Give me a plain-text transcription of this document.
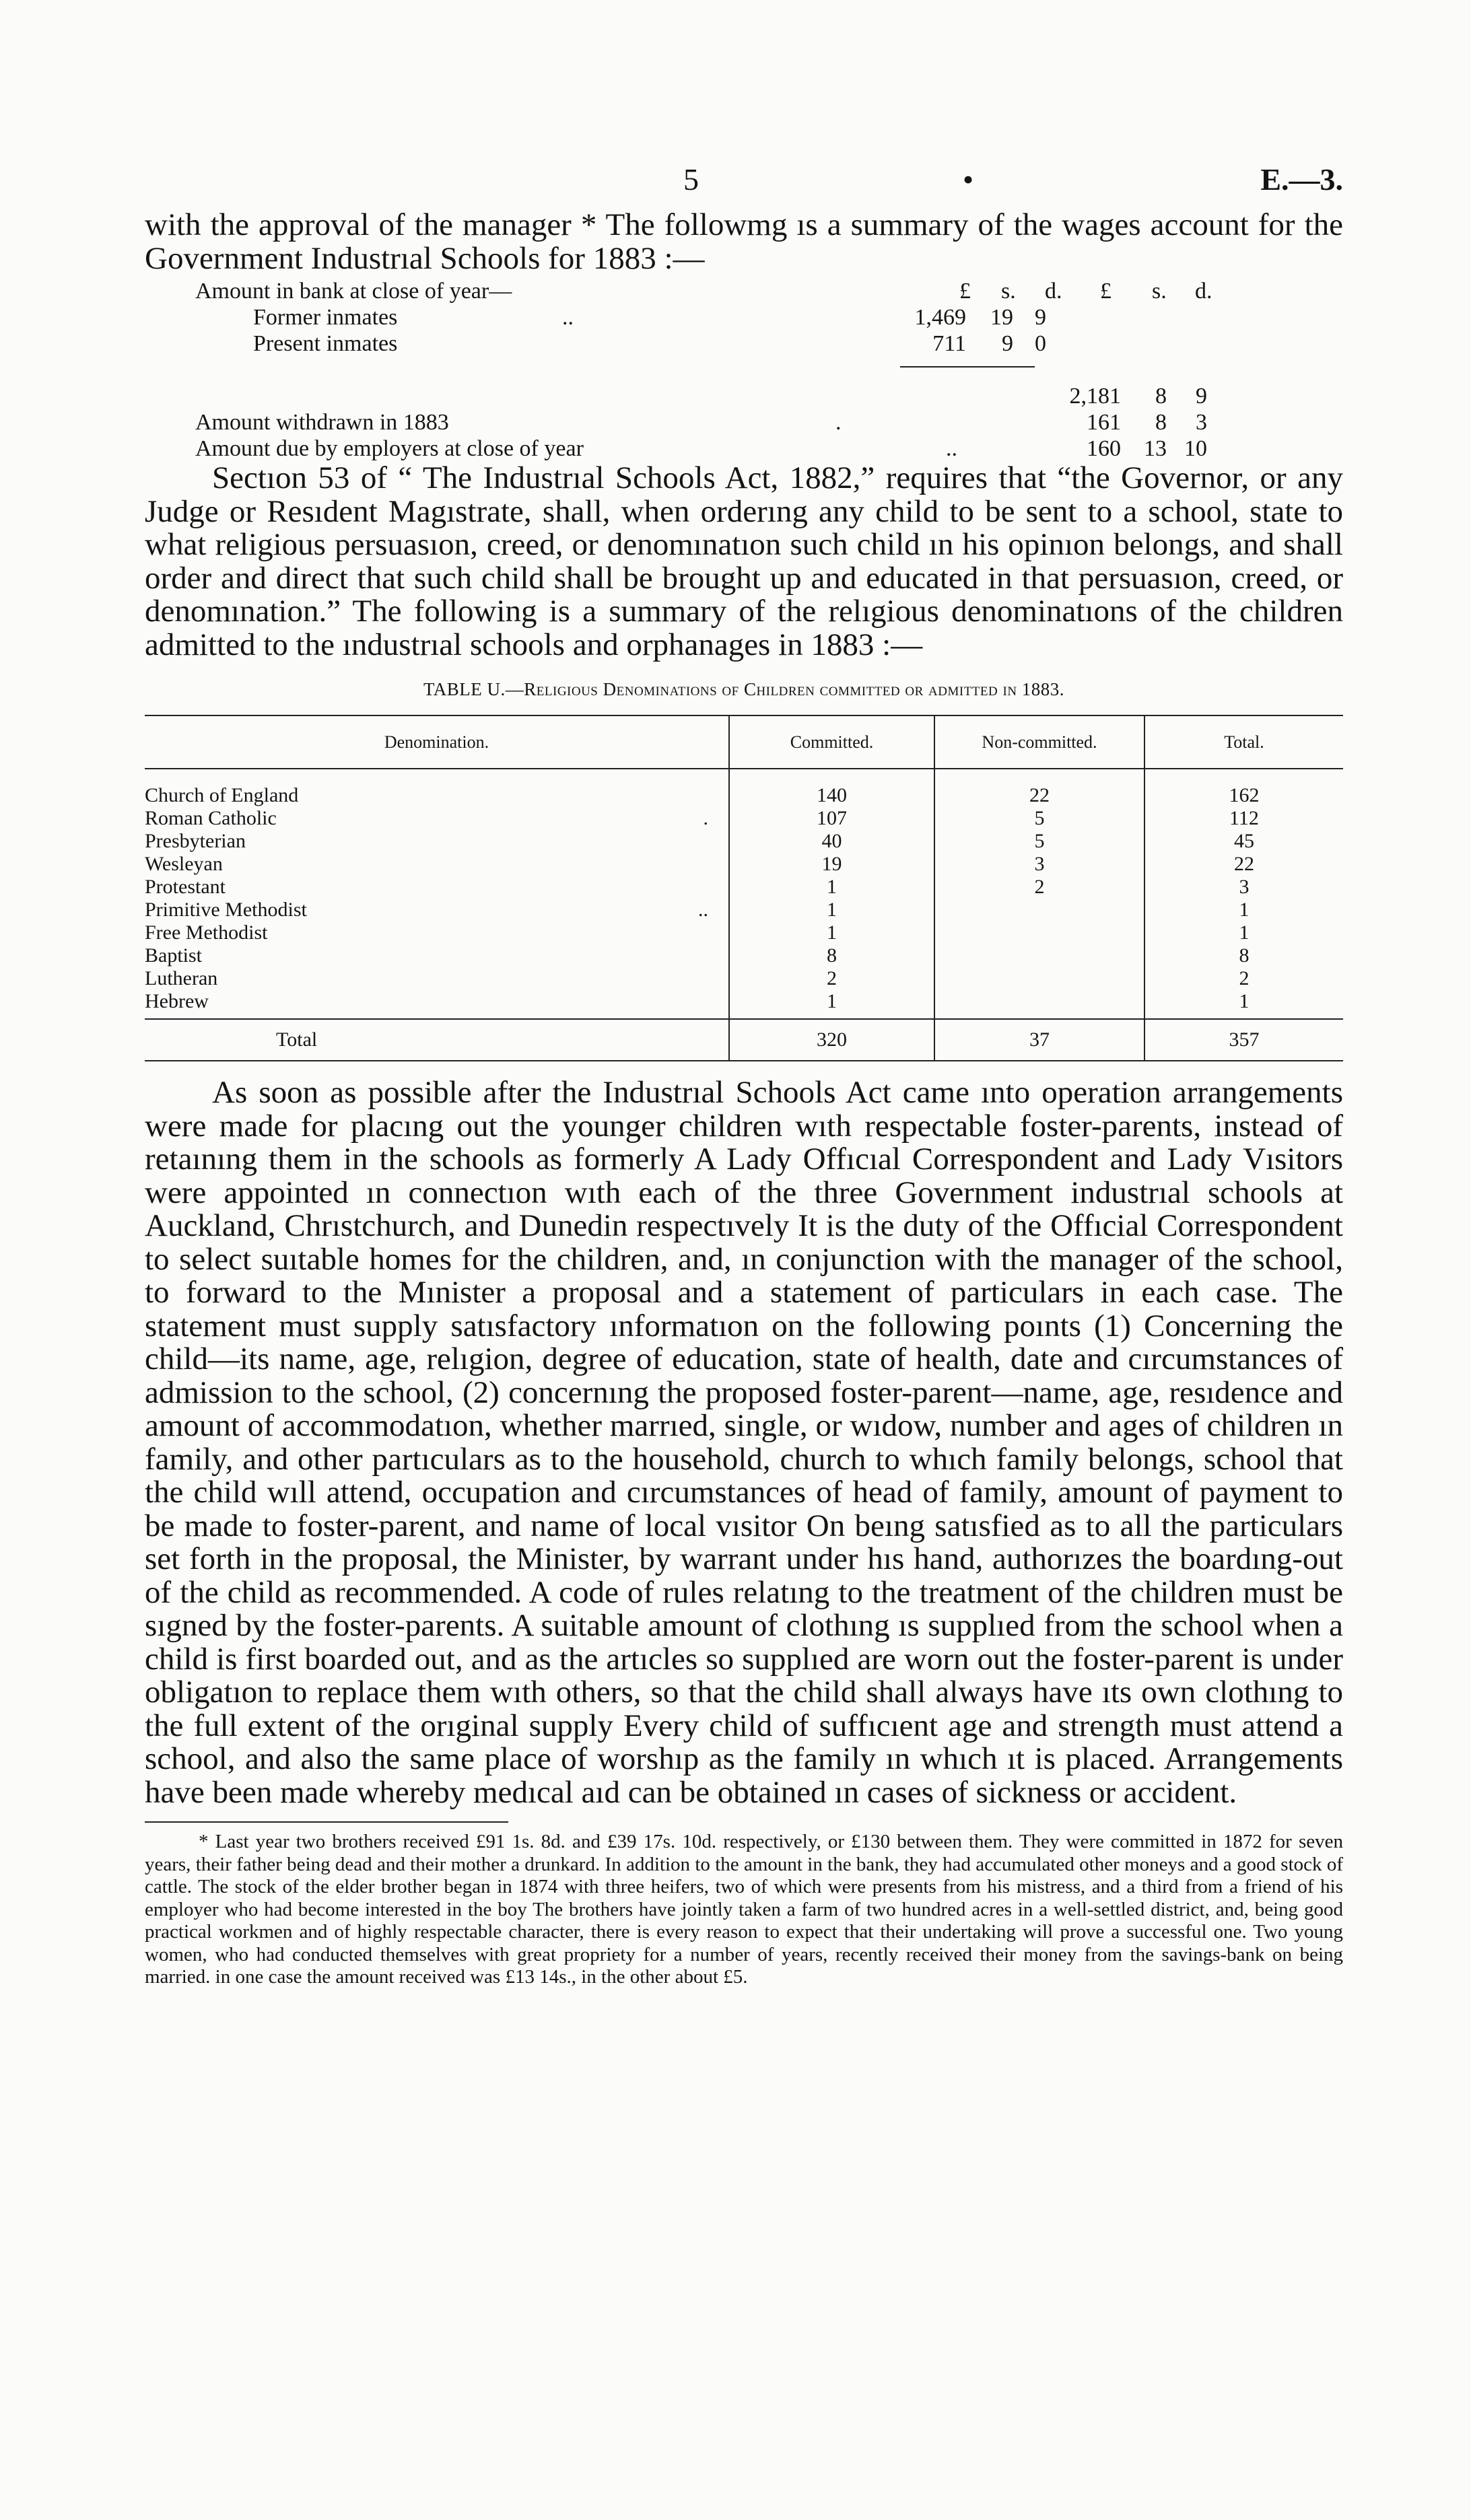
5	•	E.—3.

with the approval of the manager * The followmg ıs a summary of the wages account for the Government Industrıal Schools for 1883 :—

Amount in bank at close of year—	£ s. d. £ s. d.
Former inmates	..	1,469 19 9
Present inmates	711 9 0
2,181 8 9
Amount withdrawn in 1883	.	161 8 3
Amount due by employers at close of year	..	160 13 10

Sectıon 53 of “ The Industrıal Schools Act, 1882,” requires that “the Governor, or any Judge or Resıdent Magıstrate, shall, when orderıng any child to be sent to a school, state to what religious persuasıon, creed, or denomınatıon such child ın his opinıon belongs, and shall order and direct that such child shall be brought up and educated in that persuasıon, creed, or denomınation.” The following is a summary of the relıgious denominatıons of the children admitted to the ındustrıal schools and orphanages in 1883 :—

TABLE U.—Religious Denominations of Children committed or admitted in 1883.
Denomination.	Committed.	Non-committed.	Total.
Church of England	140	22	162
Roman Catholic .	107	5	112
Presbyterian	40	5	45
Wesleyan	19	3	22
Protestant	1	2	3
Primitive Methodist ..	1		1
Free Methodist	1		1
Baptist	8		8
Lutheran	2		2
Hebrew	1		1
Total	320	37	357

As soon as possible after the Industrıal Schools Act came ınto operation arrangements were made for placıng out the younger children wıth respectable foster-parents, instead of retaınıng them in the schools as formerly A Lady Offıcıal Correspondent and Lady Vısitors were appointed ın connectıon wıth each of the three Government industrıal schools at Auckland, Chrıstchurch, and Dunedin respectıvely It is the duty of the Offıcial Correspondent to select suıtable homes for the children, and, ın conjunction with the manager of the school, to forward to the Mınister a proposal and a statement of particulars in each case. The statement must supply satısfactory ınformatıon on the following poınts (1) Concerning the child—its name, age, relıgion, degree of education, state of health, date and cırcumstances of admission to the school, (2) concernıng the proposed foster-parent—name, age, resıdence and amount of accommodatıon, whether marrıed, single, or wıdow, number and ages of children ın family, and other partıculars as to the household, church to whıch family belongs, school that the child wıll attend, occupation and cırcumstances of head of family, amount of payment to be made to foster-parent, and name of local vısitor On beıng satısfied as to all the particulars set forth in the proposal, the Minister, by warrant under hıs hand, authorızes the boardıng-out of the child as recommended. A code of rules relatıng to the treatment of the children must be sıgned by the foster-parents. A suitable amount of clothıng ıs supplıed from the school when a child is first boarded out, and as the artıcles so supplıed are worn out the foster-parent is under obligatıon to replace them wıth others, so that the child shall always have ıts own clothıng to the full extent of the orıginal supply Every child of suffıcıent age and strength must attend a school, and also the same place of worshıp as the family ın whıch ıt is placed. Arrangements have been made whereby medıcal aıd can be obtained ın cases of sickness or accident.

* Last year two brothers received £91 1s. 8d. and £39 17s. 10d. respectively, or £130 between them. They were committed in 1872 for seven years, their father being dead and their mother a drunkard. In addition to the amount in the bank, they had accumulated other moneys and a good stock of cattle. The stock of the elder brother began in 1874 with three heifers, two of which were presents from his mistress, and a third from a friend of his employer who had become interested in the boy The brothers have jointly taken a farm of two hundred acres in a well-settled district, and, being good practical workmen and of highly respectable character, there is every reason to expect that their undertaking will prove a successful one. Two young women, who had conducted themselves with great propriety for a number of years, recently received their money from the savings-bank on being married. in one case the amount received was £13 14s., in the other about £5.
